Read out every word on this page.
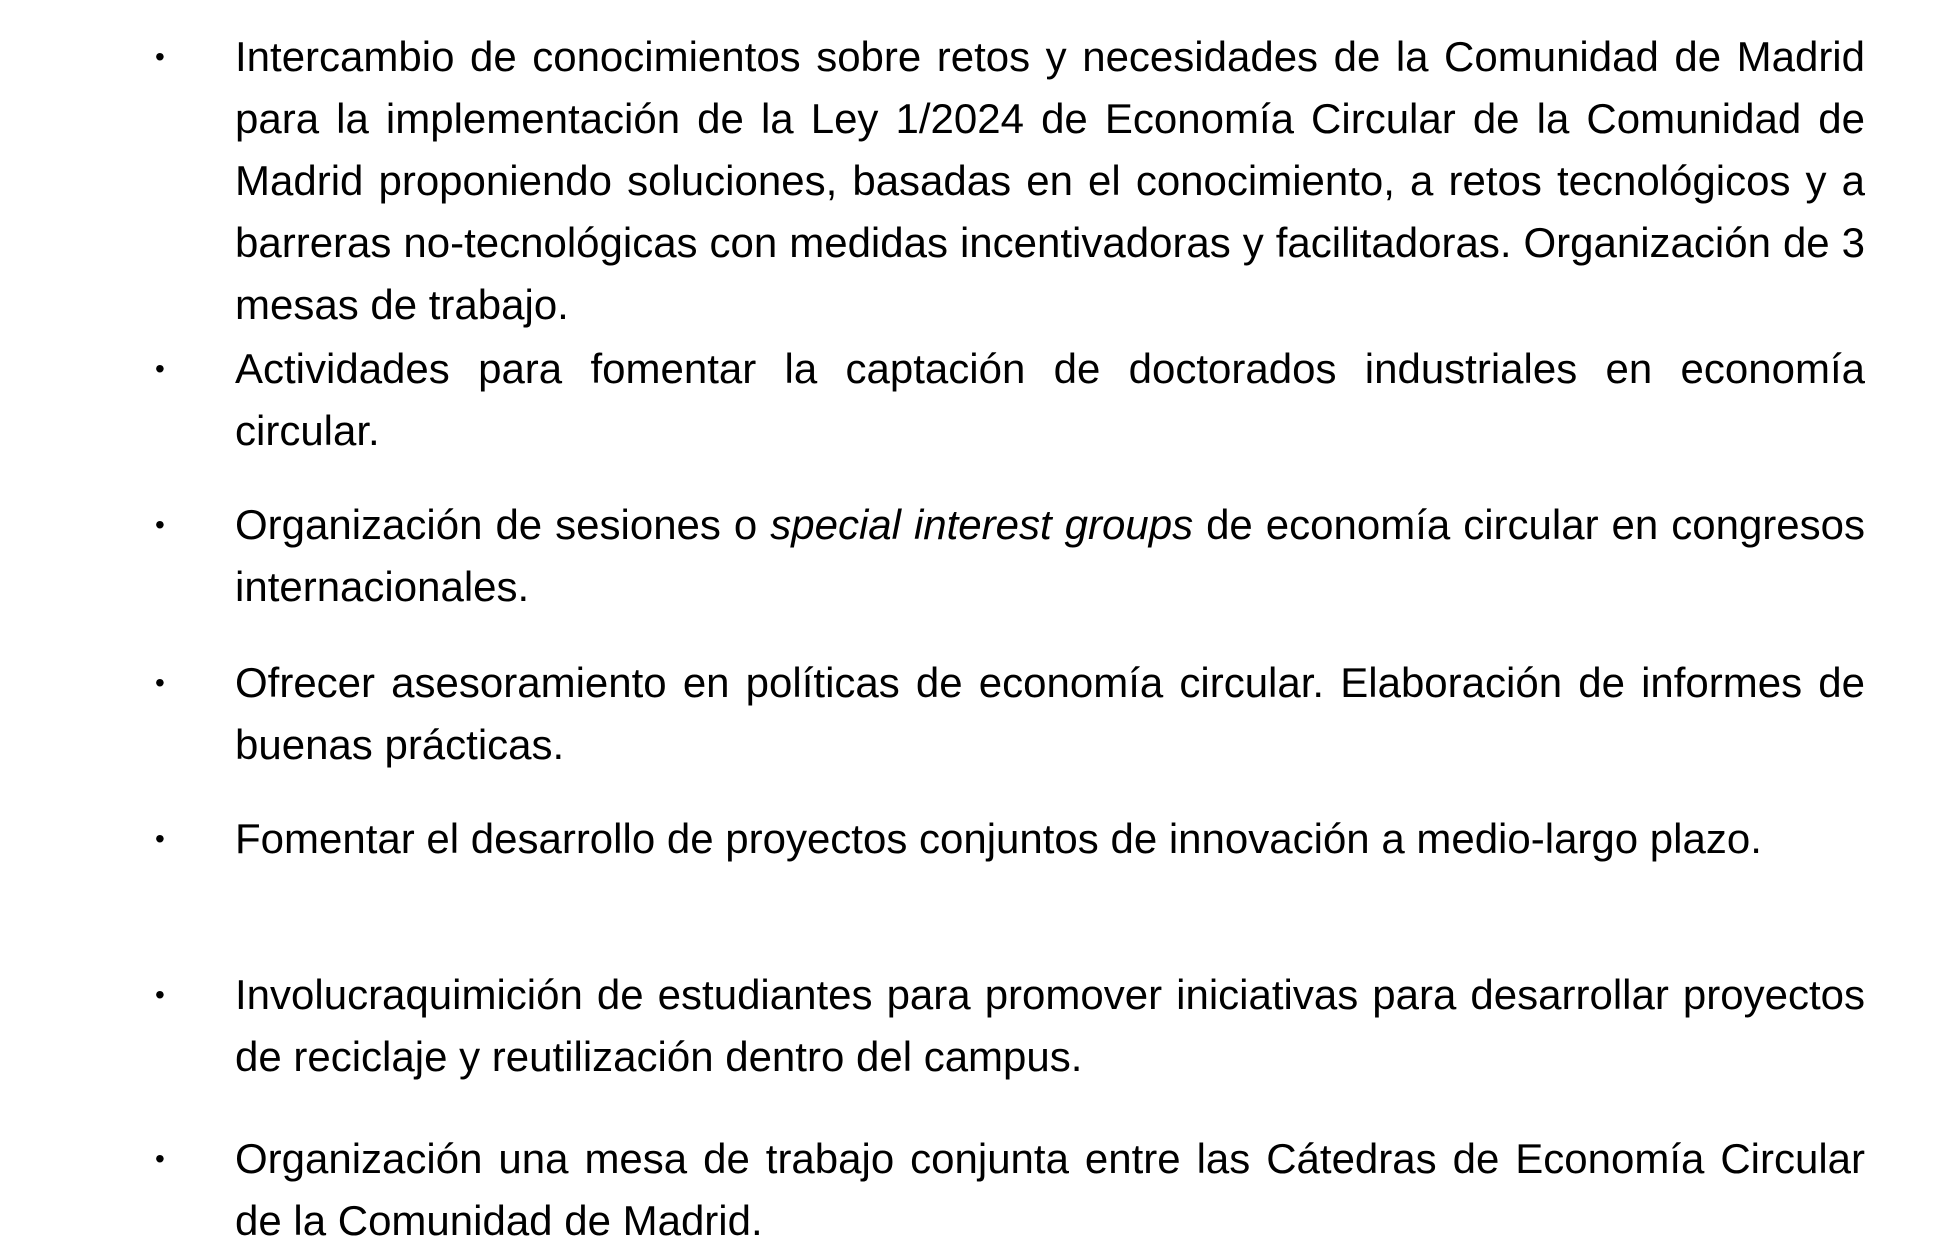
• Intercambio de conocimientos sobre retos y necesidades de la Comunidad de Madrid para la implementación de la Ley 1/2024 de Economía Circular de la Comunidad de Madrid proponiendo soluciones, basadas en el conocimiento, a retos tecnológicos y a barreras no-tecnológicas con medidas incentivadoras y facilitadoras. Organización de 3 mesas de trabajo.
• Actividades para fomentar la captación de doctorados industriales en economía circular.
• Organización de sesiones o special interest groups de economía circular en congresos internacionales.
• Ofrecer asesoramiento en políticas de economía circular. Elaboración de informes de buenas prácticas.
• Fomentar el desarrollo de proyectos conjuntos de innovación a medio-largo plazo.
• Involucraquimición de estudiantes para promover iniciativas para desarrollar proyectos de reciclaje y reutilización dentro del campus.
• Organización una mesa de trabajo conjunta entre las Cátedras de Economía Circular de la Comunidad de Madrid.
